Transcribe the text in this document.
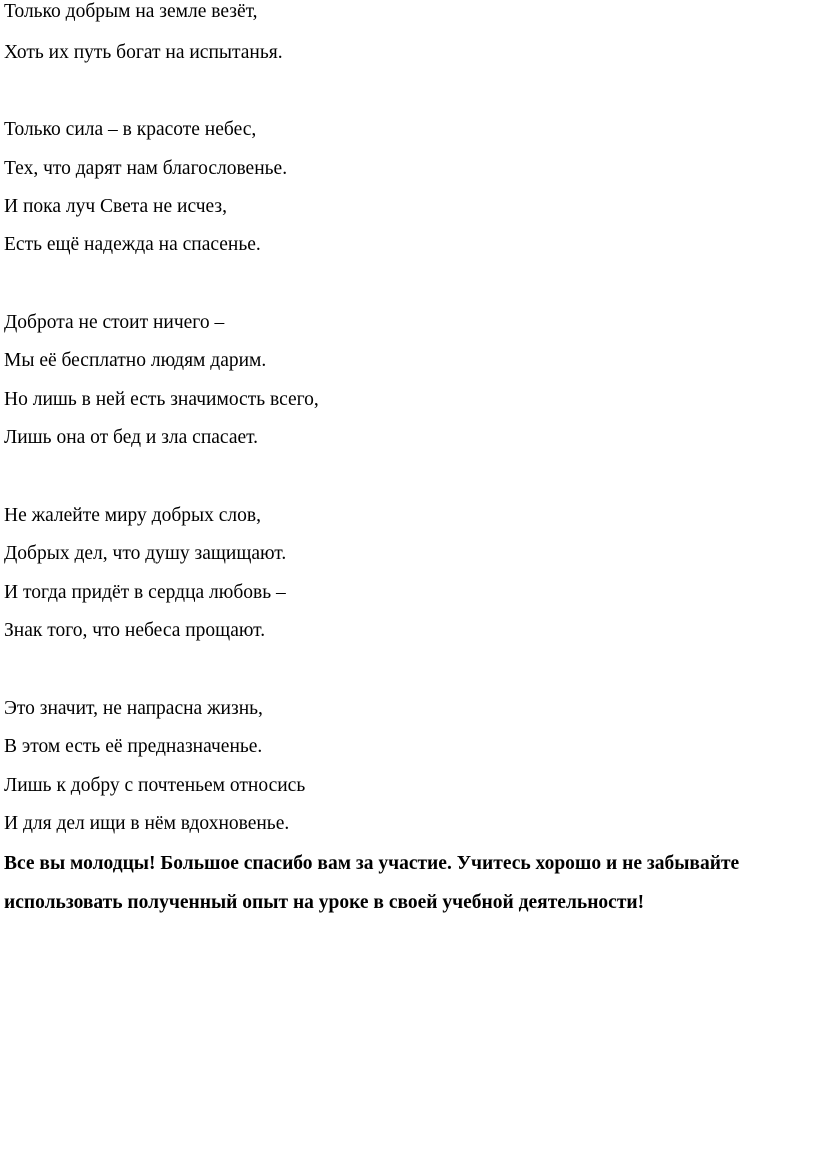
Только добрым на земле везёт,
Хоть их путь богат на испытанья.
Только сила – в красоте небес,
Тех, что дарят нам благословенье.
И пока луч Света не исчез,
Есть ещё надежда на спасенье.
Доброта не стоит ничего –
Мы её бесплатно людям дарим.
Но лишь в ней есть значимость всего,
Лишь она от бед и зла спасает.
Не жалейте миру добрых слов,
Добрых дел, что душу защищают.
И тогда придёт в сердца любовь –
Знак того, что небеса прощают.
Это значит, не напрасна жизнь,
В этом есть её предназначенье.
Лишь к добру с почтеньем относись
И для дел ищи в нём вдохновенье.
Все вы молодцы! Большое спасибо вам за участие. Учитесь хорошо и не забывайте использовать полученный опыт на уроке в своей учебной деятельности!
